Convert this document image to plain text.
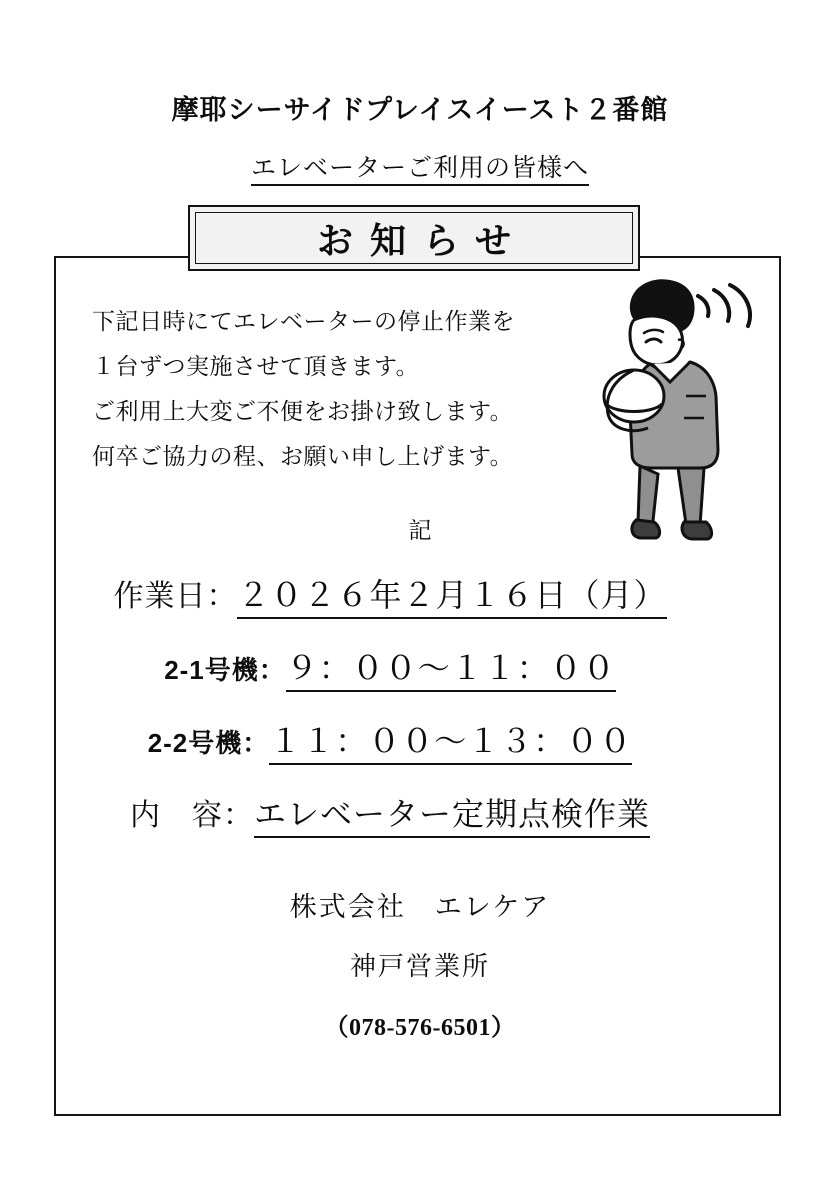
摩耶シーサイドプレイスイースト２番館
エレベーターご利用の皆様へ
お知らせ

下記日時にてエレベーターの停止作業を

１台ずつ実施させて頂きます。

ご利用上大変ご不便をお掛け致します。

何卒ご協力の程、お願い申し上げます。

記
作業日： ２０２６年２月１６日（月）
2-1号機： ９：００〜１１：００
2-2号機： １１：００〜１３：００
内　容： エレベーター定期点検作業
株式会社　エレケア
神戸営業所
（078-576-6501）
